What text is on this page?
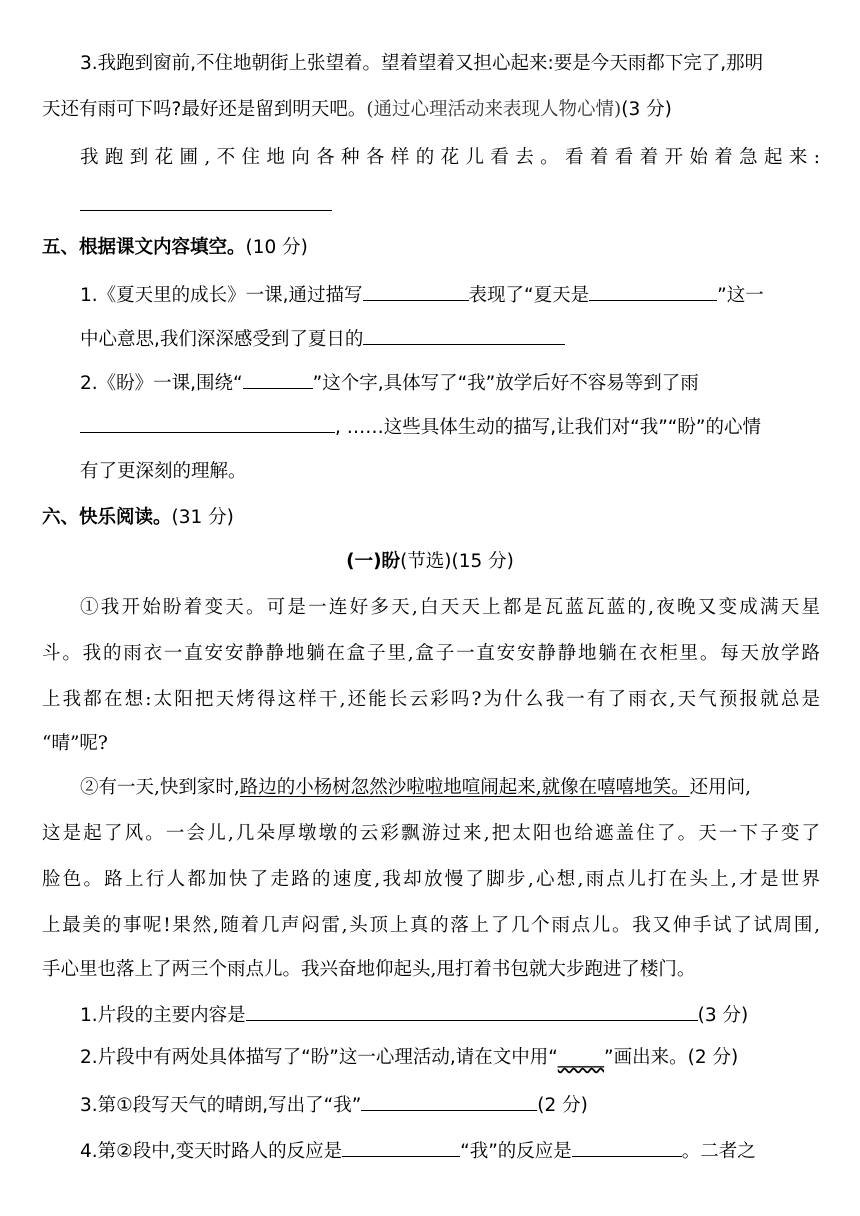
3.我跑到窗前,不住地朝街上张望着。望着望着又担心起来:要是今天雨都下完了,那明
天还有雨可下吗?最好还是留到明天吧。(通过心理活动来表现人物心情)(3 分)
我跑到花圃,不住地向各种各样的花儿看去。看着看着开始着急起来:
五、根据课文内容填空。(10 分)
1.《夏天里的成长》一课,通过描写	表现了“夏天是	”这一
中心意思,我们深深感受到了夏日的
2.《盼》一课,围绕“	”这个字,具体写了“我”放学后好不容易等到了雨
, ……这些具体生动的描写,让我们对“我”“盼”的心情
有了更深刻的理解。
六、快乐阅读。(31 分)
(一)盼(节选)(15 分)
①我开始盼着变天。可是一连好多天,白天天上都是瓦蓝瓦蓝的,夜晚又变成满天星
斗。我的雨衣一直安安静静地躺在盒子里,盒子一直安安静静地躺在衣柜里。每天放学路
上我都在想:太阳把天烤得这样干,还能长云彩吗?为什么我一有了雨衣,天气预报就总是
“晴”呢?
②有一天,快到家时,路边的小杨树忽然沙啦啦地喧闹起来,就像在嘻嘻地笑。还用问,
这是起了风。一会儿,几朵厚墩墩的云彩飘游过来,把太阳也给遮盖住了。天一下子变了
脸色。路上行人都加快了走路的速度,我却放慢了脚步,心想,雨点儿打在头上,才是世界
上最美的事呢!果然,随着几声闷雷,头顶上真的落上了几个雨点儿。我又伸手试了试周围,
手心里也落上了两三个雨点儿。我兴奋地仰起头,甩打着书包就大步跑进了楼门。
1.片段的主要内容是	(3 分)
2.片段中有两处具体描写了“盼”这一心理活动,请在文中用“_____”画出来。(2 分)
3.第①段写天气的晴朗,写出了“我”	(2 分)
4.第②段中,变天时路人的反应是	“我”的反应是	。二者之
